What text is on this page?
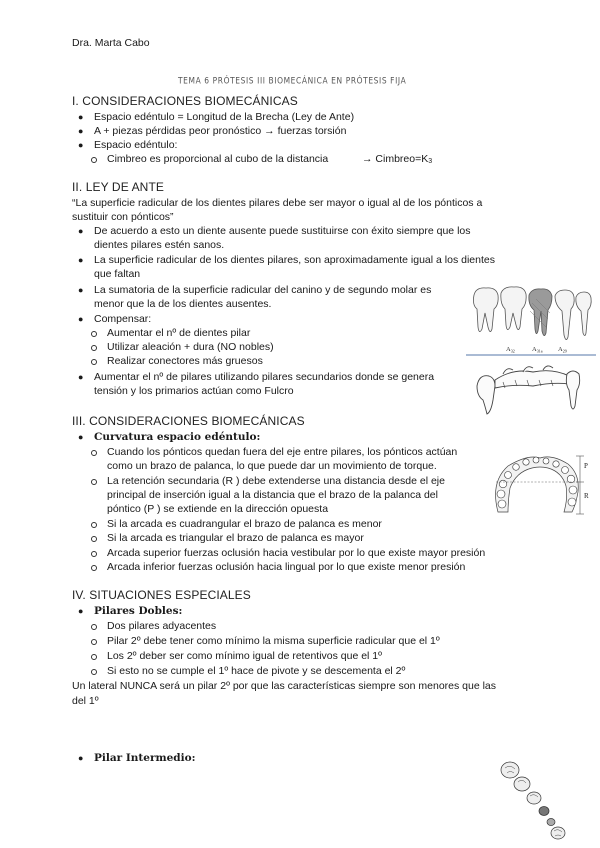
Dra. Marta Cabo
TEMA 6 PRÓTESIS III BIOMECÁNICA EN PRÓTESIS FIJA
I. CONSIDERACIONES BIOMECÁNICAS
● Espacio edéntulo = Longitud de la Brecha (Ley de Ante)
● A + piezas pérdidas peor pronóstico → fuerzas torsión
● Espacio edéntulo:
Cimbreo es proporcional al cubo de la distancia	→ Cimbreo=K3
II. LEY DE ANTE
“La superficie radicular de los dientes pilares debe ser mayor o igual al de los pónticos a
sustituir con pónticos”
● De acuerdo a esto un diente ausente puede sustituirse con éxito siempre que los
dientes pilares estén sanos.
● La superficie radicular de los dientes pilares, son aproximadamente igual a los dientes
que faltan
● La sumatoria de la superficie radicular del canino y de segundo molar es
menor que la de los dientes ausentes.
● Compensar:
Aumentar el nº de dientes pilar
Utilizar aleación + dura (NO nobles)
Realizar conectores más gruesos
● Aumentar el nº de pilares utilizando pilares secundarios donde se genera
tensión y los primarios actúan como Fulcro
$A_{32}$	$A_{31a}$ $A_{29}$
III. CONSIDERACIONES BIOMECÁNICAS
● Curvatura espacio edéntulo:
Cuando los pónticos quedan fuera del eje entre pilares, los pónticos actúan
como un brazo de palanca, lo que puede dar un movimiento de torque.
La retención secundaria (R ) debe extenderse una distancia desde el eje
principal de inserción igual a la distancia que el brazo de la palanca del
póntico (P ) se extiende en la dirección opuesta
Si la arcada es cuadrangular el brazo de palanca es menor
Si la arcada es triangular el brazo de palanca es mayor
Arcada superior fuerzas oclusión hacia vestibular por lo que existe mayor presión
Arcada inferior fuerzas oclusión hacia lingual por lo que existe menor presión
P
R
IV. SITUACIONES ESPECIALES
● Pilares Dobles:
Dos pilares adyacentes
Pilar 2º debe tener como mínimo la misma superficie radicular que el 1º
Los 2º deber ser como mínimo igual de retentivos que el 1º
Si esto no se cumple el 1º hace de pivote y se descementa el 2º
Un lateral NUNCA será un pilar 2º por que las características siempre son menores que las
del 1º
● Pilar Intermedio:
